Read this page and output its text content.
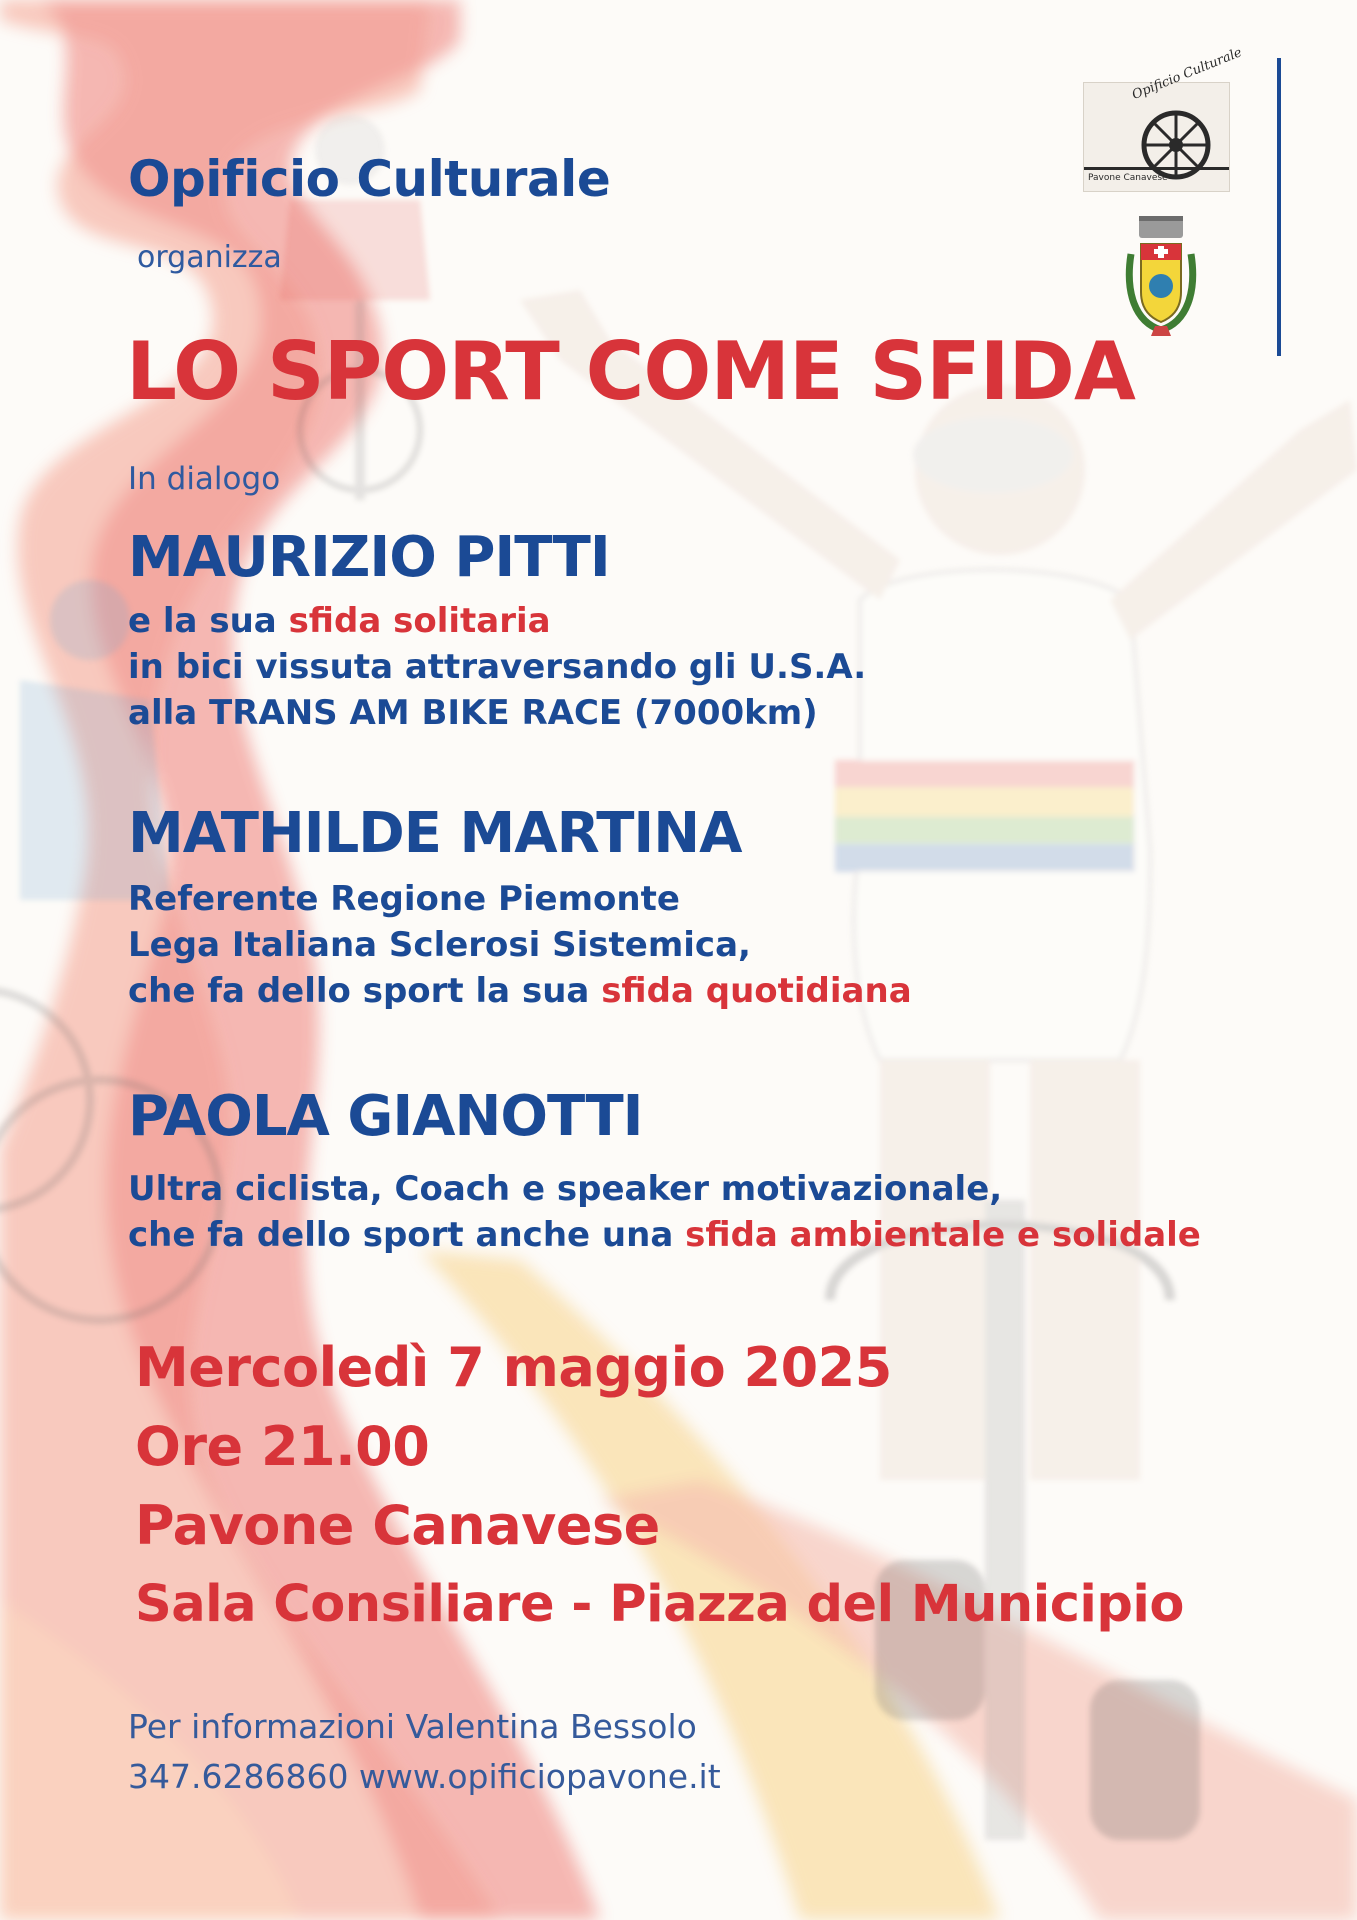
Opificio Culturale
Pavone Canavese
Opificio Culturale

organizza

LO SPORT COME SFIDA

In dialogo

MAURIZIO PITTI
e la sua sfida solitaria
in bici vissuta attraversando gli U.S.A.
alla TRANS AM BIKE RACE (7000km)
MATHILDE MARTINA
Referente Regione Piemonte
Lega Italiana Sclerosi Sistemica,
che fa dello sport la sua sfida quotidiana
PAOLA GIANOTTI
Ultra ciclista, Coach e speaker motivazionale,
che fa dello sport anche una sfida ambientale e solidale

Mercoledì 7 maggio 2025

Ore 21.00

Pavone Canavese

Sala Consiliare - Piazza del Municipio

Per informazioni Valentina Bessolo

347.6286860 www.opificiopavone.it
